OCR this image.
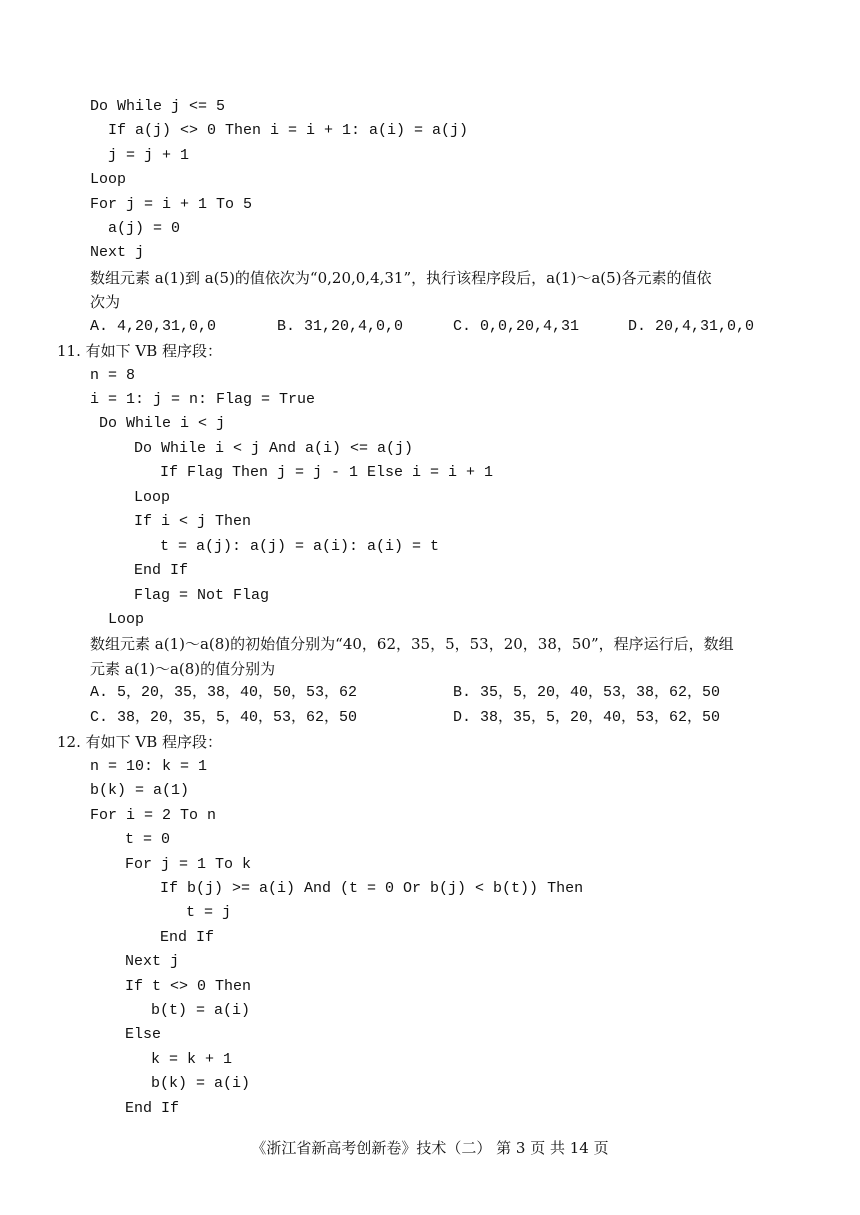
Do While j <= 5
If a(j) <> 0 Then i = i + 1: a(i) = a(j)
j = j + 1
Loop
For j = i + 1 To 5
a(j) = 0
Next j
数组元素 a(1)到 a(5)的值依次为“0,20,0,4,31”，执行该程序段后，a(1)～a(5)各元素的值依
次为
A. 4,20,31,0,0	B. 31,20,4,0,0	C. 0,0,20,4,31	D. 20,4,31,0,0
11. 有如下 VB 程序段：
n = 8
i = 1: j = n: Flag = True
Do While i < j
Do While i < j And a(i) <= a(j)
If Flag Then j = j - 1 Else i = i + 1
Loop
If i < j Then
t = a(j): a(j) = a(i): a(i) = t
End If
Flag = Not Flag
Loop
数组元素 a(1)～a(8)的初始值分别为“40，62，35，5，53，20，38，50”，程序运行后，数组
元素 a(1)～a(8)的值分别为
A. 5，20，35，38，40，50，53，62	B. 35，5，20，40，53，38，62，50
C. 38，20，35，5，40，53，62，50	D. 38，35，5，20，40，53，62，50
12. 有如下 VB 程序段：
n = 10: k = 1
b(k) = a(1)
For i = 2 To n
t = 0
For j = 1 To k
If b(j) >= a(i) And (t = 0 Or b(j) < b(t)) Then
t = j
End If
Next j
If t <> 0 Then
b(t) = a(i)
Else
k = k + 1
b(k) = a(i)
End If
《浙江省新高考创新卷》技术（二） 第 3 页 共 14 页
